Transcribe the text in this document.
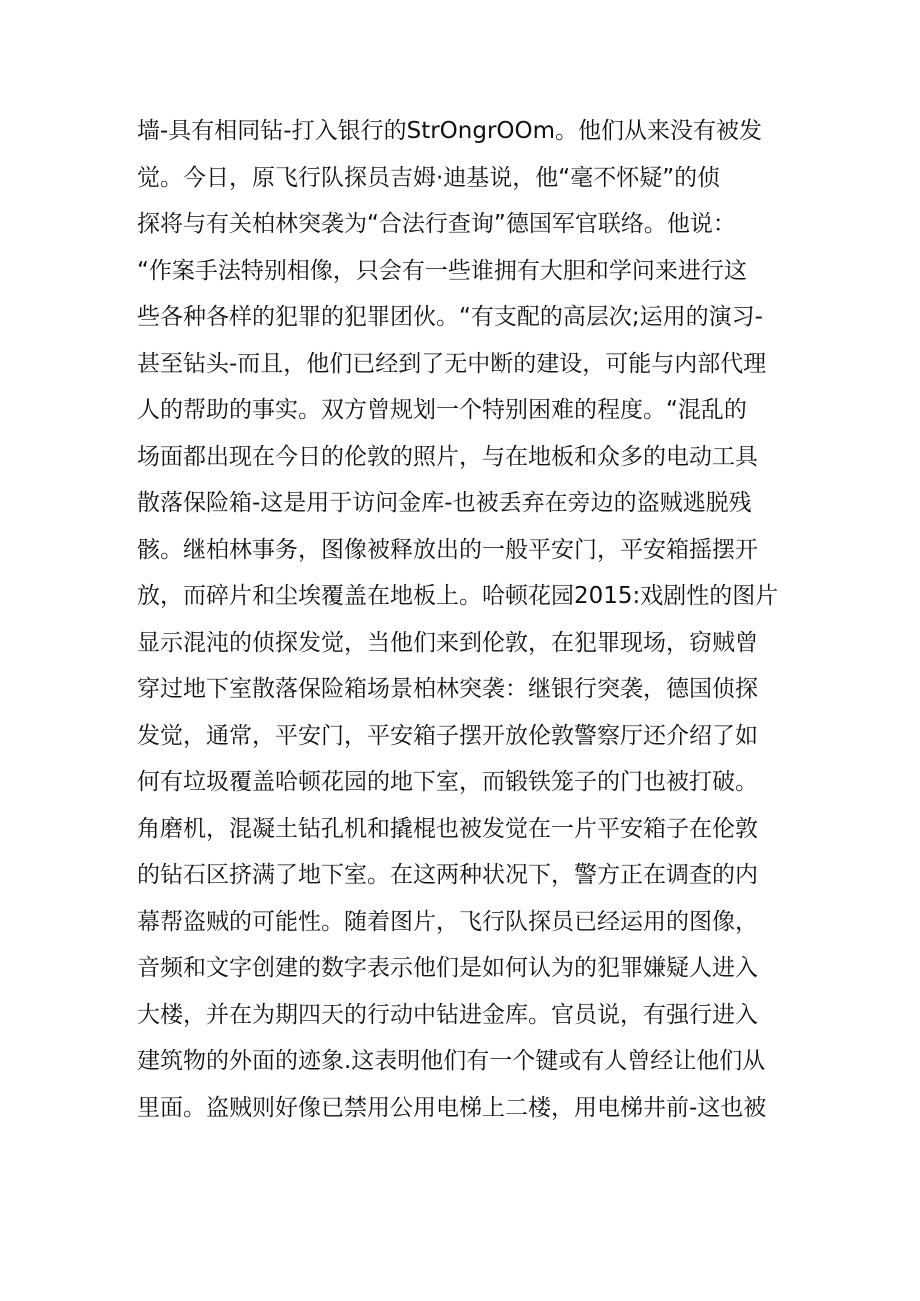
墙-具有相同钻-打入银行的StrOngrOOm。他们从来没有被发
觉。今日，原飞行队探员吉姆·迪基说，他“毫不怀疑”的侦
探将与有关柏林突袭为“合法行查询”德国军官联络。他说：
“作案手法特别相像，只会有一些谁拥有大胆和学问来进行这
些各种各样的犯罪的犯罪团伙。“有支配的高层次;运用的演习-
甚至钻头-而且，他们已经到了无中断的建设，可能与内部代理
人的帮助的事实。双方曾规划一个特别困难的程度。“混乱的
场面都出现在今日的伦敦的照片，与在地板和众多的电动工具
散落保险箱-这是用于访问金库-也被丢弃在旁边的盗贼逃脱残
骸。继柏林事务，图像被释放出的一般平安门，平安箱摇摆开
放，而碎片和尘埃覆盖在地板上。哈顿花园2015:戏剧性的图片
显示混沌的侦探发觉，当他们来到伦敦，在犯罪现场，窃贼曾
穿过地下室散落保险箱场景柏林突袭：继银行突袭，德国侦探
发觉，通常，平安门，平安箱子摆开放伦敦警察厅还介绍了如
何有垃圾覆盖哈顿花园的地下室，而锻铁笼子的门也被打破。
角磨机，混凝土钻孔机和撬棍也被发觉在一片平安箱子在伦敦
的钻石区挤满了地下室。在这两种状况下，警方正在调查的内
幕帮盗贼的可能性。随着图片，飞行队探员已经运用的图像，
音频和文字创建的数字表示他们是如何认为的犯罪嫌疑人进入
大楼，并在为期四天的行动中钻进金库。官员说，有强行进入
建筑物的外面的迹象.这表明他们有一个键或有人曾经让他们从
里面。盗贼则好像已禁用公用电梯上二楼，用电梯井前-这也被
